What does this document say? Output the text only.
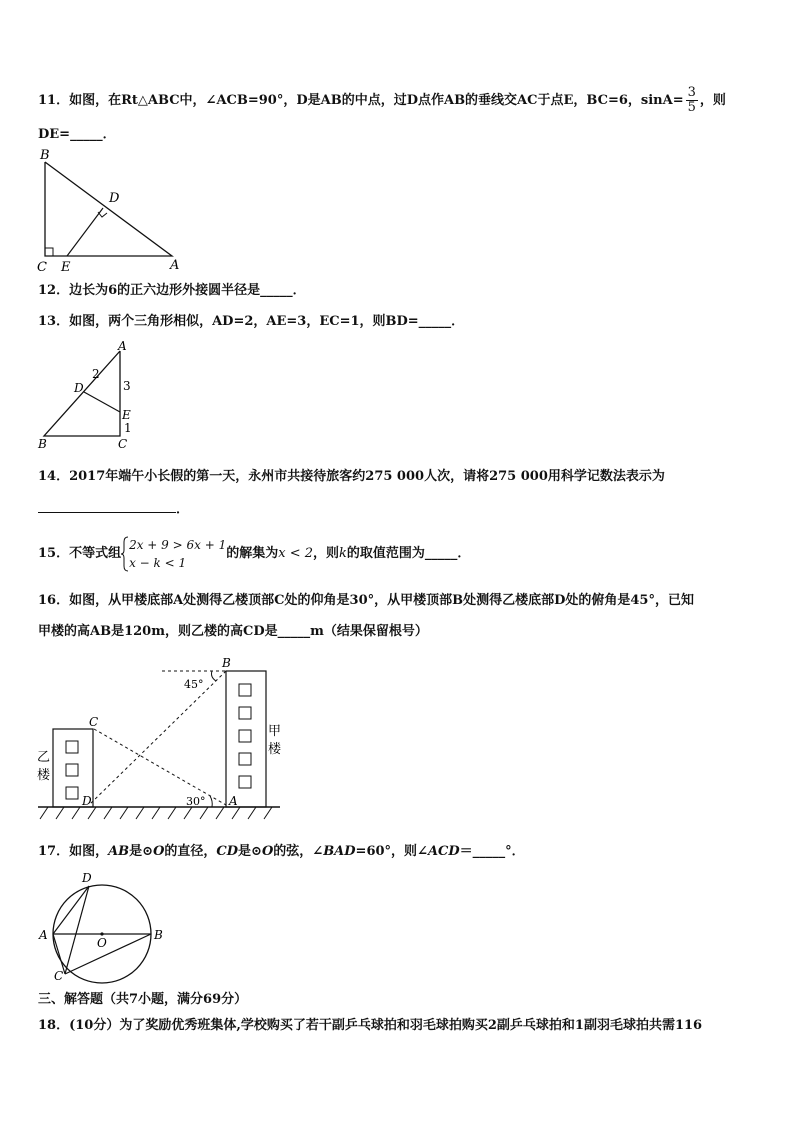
11．如图，在Rt△ABC中，∠ACB=90°，D是AB的中点，过D点作AB的垂线交AC于点E，BC=6，$\sin A= \frac{3}{5}$ ，则
DE=_____．
B
D
C E	A
12．边长为6的正六边形外接圆半径是_____．
13．如图，两个三角形相似，AD=2，AE=3，EC=1，则BD=_____．
A
D
E
B	C
2
3
1
14．2017年端午小长假的第一天，永州市共接待旅客约275 000人次，请将275 000用科学记数法表示为
．
15．不等式组
2x + 9 > 6x + 1
x − k < 1
的解集为 x < 2 ，则 k 的取值范围为_____．
16．如图，从甲楼底部A处测得乙楼顶部C处的仰角是30°，从甲楼顶部B处测得乙楼底部D处的俯角是45°，已知
甲楼的高AB是120m，则乙楼的高CD是_____m（结果保留根号）
B
C
D	A
45°
30°
乙
楼
甲
楼
17．如图，AB是⊙O的直径，CD是⊙O的弦，∠BAD=60°，则∠ACD＝_____°．
D
A
O
B
C
三、解答题（共7小题，满分69分）
18．(10分）为了奖励优秀班集体,学校购买了若干副乒乓球拍和羽毛球拍购买2副乒乓球拍和1副羽毛球拍共需116
